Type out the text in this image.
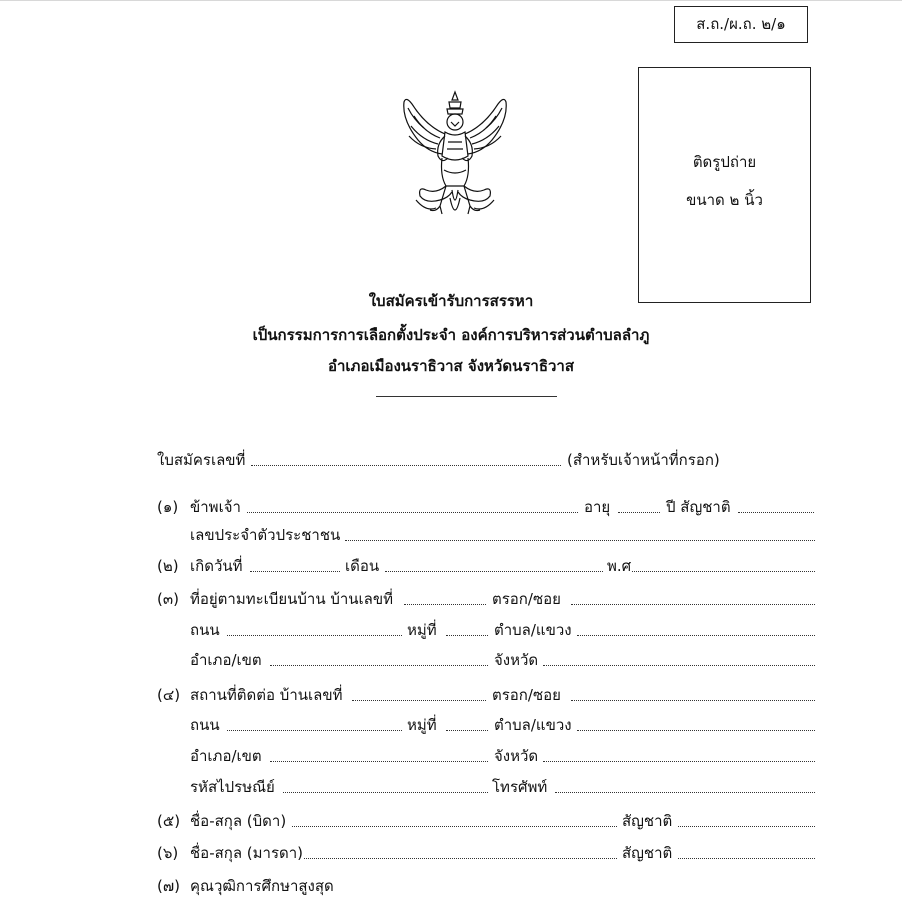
ส.ถ./ผ.ถ. ๒/๑
ติดรูปถ่าย
ขนาด ๒ นิ้ว
ใบสมัครเข้ารับการสรรหา
เป็นกรรมการการเลือกตั้งประจำ องค์การบริหารส่วนตำบลลำภู
อำเภอเมืองนราธิวาส จังหวัดนราธิวาส
ใบสมัครเลขที่	(สำหรับเจ้าหน้าที่กรอก)
(๑) ข้าพเจ้า	อายุ	ปี สัญชาติ
เลขประจำตัวประชาชน
(๒) เกิดวันที่	เดือน	พ.ศ
(๓) ที่อยู่ตามทะเบียนบ้าน บ้านเลขที่	ตรอก/ซอย
ถนน	หมู่ที่	ตำบล/แขวง
อำเภอ/เขต	จังหวัด
(๔) สถานที่ติดต่อ บ้านเลขที่	ตรอก/ซอย
ถนน	หมู่ที่	ตำบล/แขวง
อำเภอ/เขต	จังหวัด
รหัสไปรษณีย์	โทรศัพท์
(๕) ชื่อ-สกุล (บิดา)	สัญชาติ
(๖) ชื่อ-สกุล (มารดา)	สัญชาติ
(๗) คุณวุฒิการศึกษาสูงสุด
